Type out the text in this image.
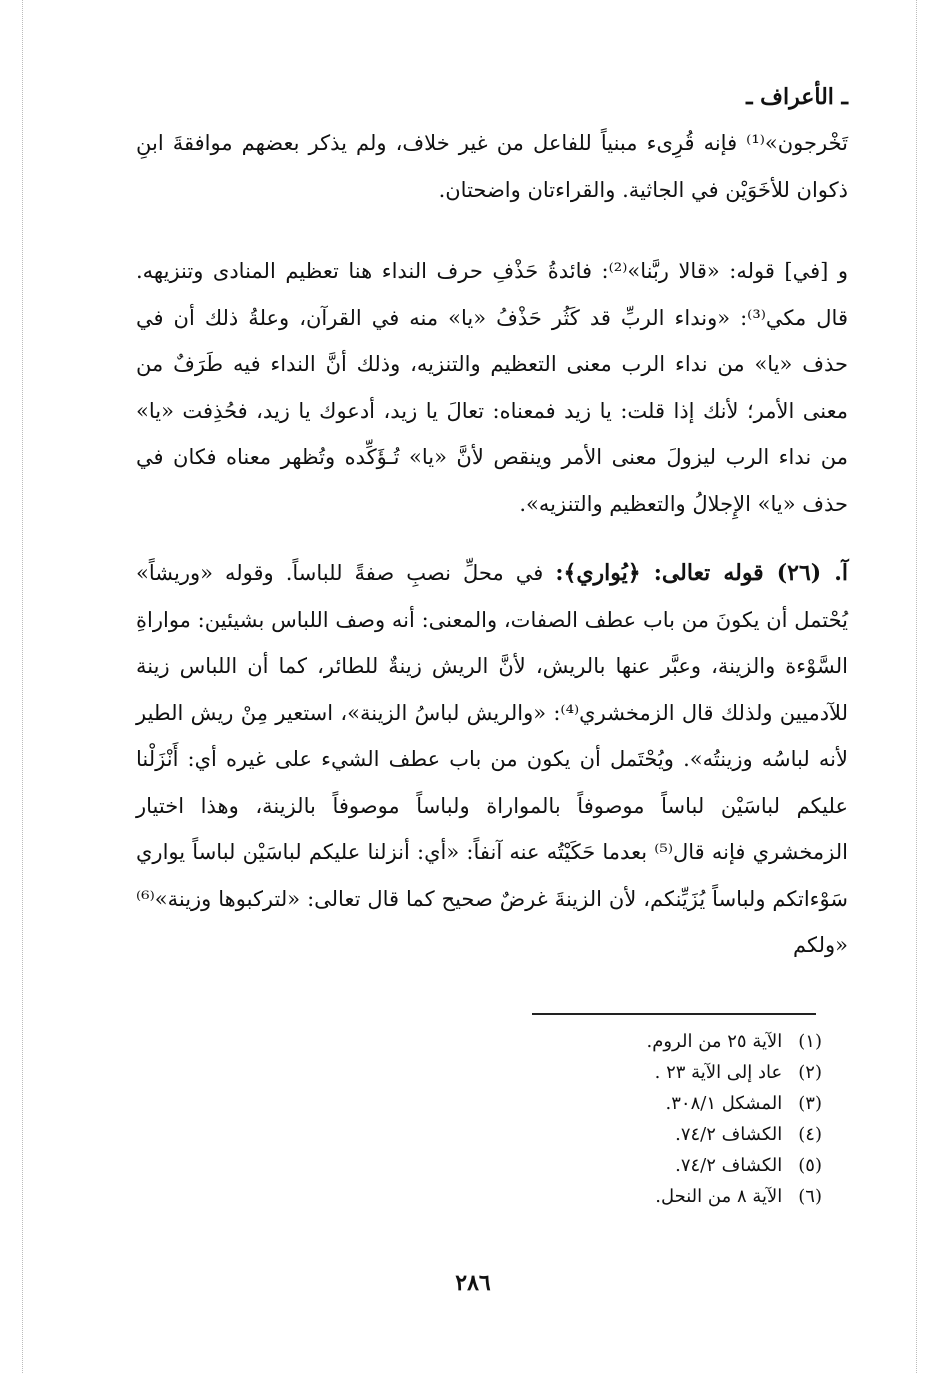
ـ الأعراف ـ

تَخْرجون»⁽¹⁾ فإنه قُرِىء مبنياً للفاعل من غير خلاف، ولم يذكر بعضهم موافقةَ ابنِ ذكوان للأخَوَيْن في الجاثية. والقراءتان واضحتان.

و [في] قوله: «قالا ربَّنا»⁽²⁾: فائدةُ حَذْفِ حرف النداء هنا تعظيم المنادى وتنزيهه. قال مكي⁽³⁾: «ونداء الربِّ قد كَثُر حَذْفُ «يا» منه في القرآن، وعلةُ ذلك أن في حذف «يا» من نداء الرب معنى التعظيم والتنزيه، وذلك أنَّ النداء فيه طَرَفٌ من معنى الأمر؛ لأنك إذا قلت: يا زيد فمعناه: تعالَ يا زيد، أدعوك يا زيد، فحُذِفت «يا» من نداء الرب ليزولَ معنى الأمر وينقص لأنَّ «يا» تُـؤَكِّده وتُظهر معناه فكان في حذف «يا» الإِجلالُ والتعظيم والتنزيه».

آ. (٢٦) قوله تعالى: ﴿يُواري﴾: في محلِّ نصبِ صفةً للباساً. وقوله «وريشاً» يُحْتمل أن يكونَ من باب عطف الصفات، والمعنى: أنه وصف اللباس بشيئين: مواراةِ السَّوْءة والزينة، وعبَّر عنها بالريش، لأنَّ الريش زينةٌ للطائر، كما أن اللباس زينة للآدميين ولذلك قال الزمخشري⁽⁴⁾: «والريش لباسُ الزينة»، استعير مِنْ ريش الطير لأنه لباسُه وزينتُه». ويُحْتَمل أن يكون من باب عطف الشيء على غيره أي: أَنْزَلْنا عليكم لباسَيْن لباساً موصوفاً بالمواراة ولباساً موصوفاً بالزينة، وهذا اختيار الزمخشري فإنه قال⁽⁵⁾ بعدما حَكَيْتُه عنه آنفاً: «أي: أنزلنا عليكم لباسَيْن لباساً يواري سَوْءاتكم ولباساً يُزَيِّنكم، لأن الزينةَ غرضٌ صحيح كما قال تعالى: «لتركبوها وزينة»⁽⁶⁾ «ولكم

(١) الآية ٢٥ من الروم.
(٢) عاد إلى الآية ٢٣ .
(٣) المشكل ٣٠٨/١.
(٤) الكشاف ٧٤/٢.
(٥) الكشاف ٧٤/٢.
(٦) الآية ٨ من النحل.
٢٨٦
